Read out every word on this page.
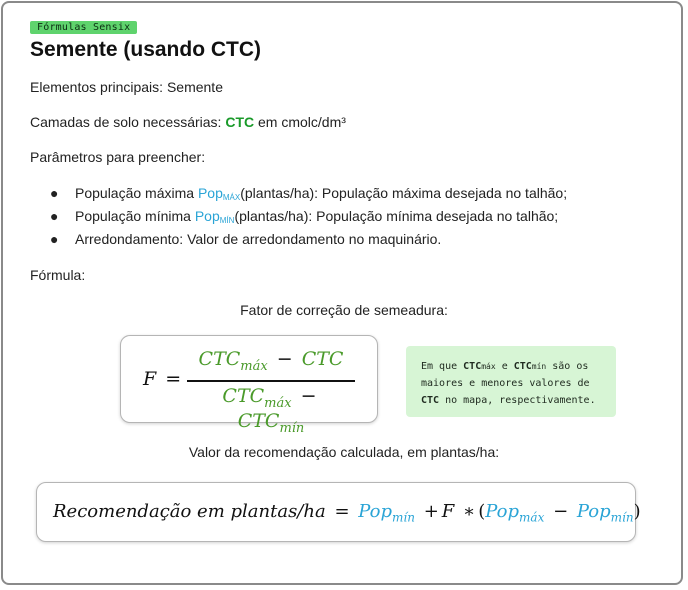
Fórmulas Sensix
Semente (usando CTC)
Elementos principais: Semente
Camadas de solo necessárias: CTC em cmolc/dm³
Parâmetros para preencher:
● População máxima Pop$_{MÁX}$(plantas/ha): População máxima desejada no talhão;
● População mínima Pop$_{MÍN}$(plantas/ha): População mínima desejada no talhão;
● Arredondamento: Valor de arredondamento no maquinário.
Fórmula:
Fator de correção de semeadura:
F =
$CTC_{máx}$ − CTC
$CTC_{máx} - CTC_{mín}$
Em que CTCmáx e CTCmín são os
maiores e menores valores de
CTC no mapa, respectivamente.
Valor da recomendação calculada, em plantas/ha:
Recomendação em plantas/ha = Pop$_{mín}$ + F ∗ (Pop$_{máx}$ − Pop$_{mín}$)
